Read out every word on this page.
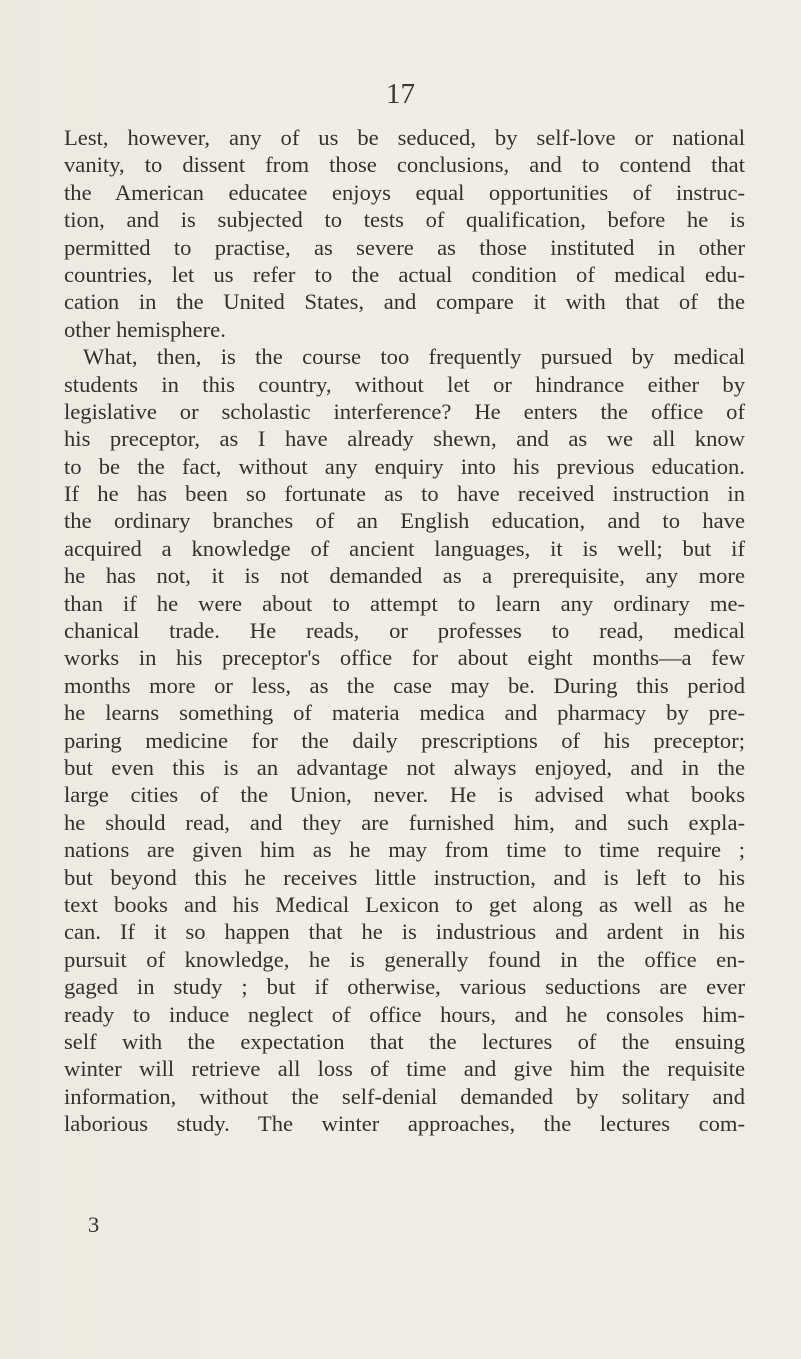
17
Lest, however, any of us be seduced, by self-love or national
vanity, to dissent from those conclusions, and to contend that
the American educatee enjoys equal opportunities of instruc-
tion, and is subjected to tests of qualification, before he is
permitted to practise, as severe as those instituted in other
countries, let us refer to the actual condition of medical edu-
cation in the United States, and compare it with that of the
other hemisphere.
What, then, is the course too frequently pursued by medical
students in this country, without let or hindrance either by
legislative or scholastic interference? He enters the office of
his preceptor, as I have already shewn, and as we all know
to be the fact, without any enquiry into his previous education.
If he has been so fortunate as to have received instruction in
the ordinary branches of an English education, and to have
acquired a knowledge of ancient languages, it is well; but if
he has not, it is not demanded as a prerequisite, any more
than if he were about to attempt to learn any ordinary me-
chanical trade. He reads, or professes to read, medical
works in his preceptor's office for about eight months—a few
months more or less, as the case may be. During this period
he learns something of materia medica and pharmacy by pre-
paring medicine for the daily prescriptions of his preceptor;
but even this is an advantage not always enjoyed, and in the
large cities of the Union, never. He is advised what books
he should read, and they are furnished him, and such expla-
nations are given him as he may from time to time require ;
but beyond this he receives little instruction, and is left to his
text books and his Medical Lexicon to get along as well as he
can. If it so happen that he is industrious and ardent in his
pursuit of knowledge, he is generally found in the office en-
gaged in study ; but if otherwise, various seductions are ever
ready to induce neglect of office hours, and he consoles him-
self with the expectation that the lectures of the ensuing
winter will retrieve all loss of time and give him the requisite
information, without the self-denial demanded by solitary and
laborious study. The winter approaches, the lectures com-
3
